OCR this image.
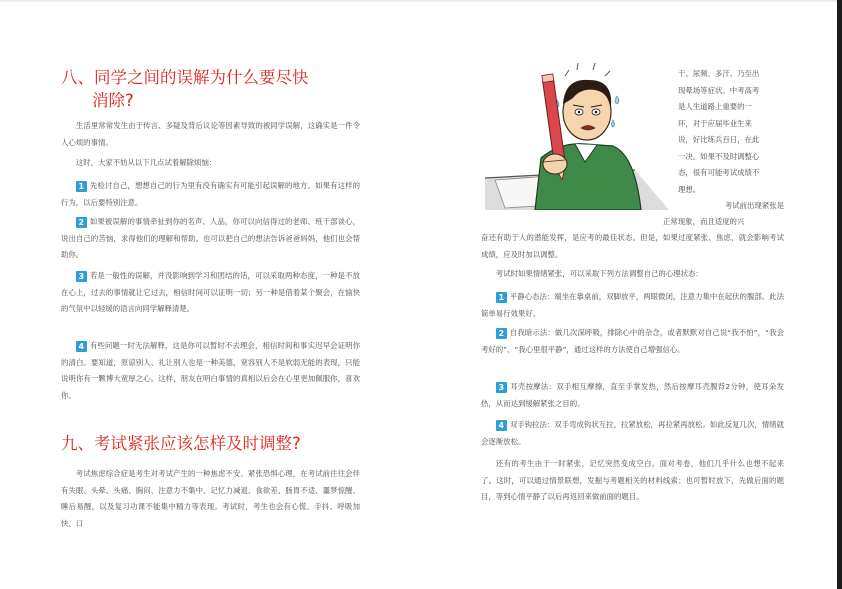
八、同学之间的误解为什么要尽快
消除?

生活里常常发生由于传言、多疑及背后议论等因素导致的被同学误解，这确实是一件令人心烦的事情。

这时，大家不妨从以下几点试着解除烦恼：

1 先检讨自己，想想自己的行为里有没有确实有可能引起误解的地方。如果有这样的行为，以后要特别注意。

2 如果被误解的事情牵扯到你的名声、人品，你可以向信得过的老师、班干部谈心，说出自己的苦恼，求得他们的理解和帮助。也可以把自己的想法告诉爸爸妈妈，他们也会帮助你。

3 若是一般性的误解，并没影响到学习和团结的话，可以采取两种态度，一种是不放在心上，过去的事情就让它过去，相信时间可以证明一切；另一种是借着某个聚会，在愉快的气氛中以轻缓的语言向同学解释清楚。

4 有些问题一时无法解释，这是你可以暂时不去理会，相信时间和事实迟早会证明你的清白。要知道，原谅别人、礼让别人也是一种美德，宽容别人不是软弱无能的表现，只能说明你有一颗博大宽厚之心。这样，朋友在明白事情的真相以后会在心里更加佩服你，喜欢你。

九、考试紧张应该怎样及时调整?

考试焦虑综合症是考生对考试产生的一种焦虑不安、紧张恐惧心理，在考试前往往会伴有失眠、头晕、头痛、胸闷、注意力不集中、记忆力减退、食欲差、肠胃不适、噩梦惊醒、睡后易醒，以及复习功课不能集中精力等表现。考试时，考生也会有心慌、手抖、呼吸加快、口

干、尿频、多汗、乃至出
现晕场等症状。中考高考
是人生道路上重要的一
环，对于应届毕业生来
说，好比练兵百日，在此
一决。如果不及时调整心
态，很有可能考试成绩不
理想。
考试前出现紧张是
正常现象，而且适度的兴

奋还有助于人的潜能发挥，是应考的最佳状态。但是，如果过度紧张、焦虑，就会影响考试成绩，应及时加以调整。

考试时如果情绪紧张，可以采取下列方法调整自己的心理状态：

1 平静心态法：端坐在靠桌前，双脚放平，两眼微闭，注意力集中在起伏的腹部。此法简单易行效果好。

2 自我暗示法：做几次深呼吸，排除心中的杂念，或者默默对自己说“我不怕”，“我会考好的”、“我心里很平静”，通过这样的方法使自己增强信心。

3 耳壳按摩法：双手相互摩擦，直至手掌发热，然后按摩耳壳腹背2分钟，使耳朵发热，从而达到缓解紧张之目的。

4 双手钩拉法：双手弯成钩状互拉，拉紧放松，再拉紧再放松。如此反复几次，情绪就会逐渐放松。

还有的考生由于一时紧张，记忆突然变成空白。面对考卷，他们几乎什么也想不起来了。这时，可以通过情景联想，发掘与考题相关的材料线索；也可暂时放下，先做后面的题目，等到心情平静了以后再返回来做前面的题目。
